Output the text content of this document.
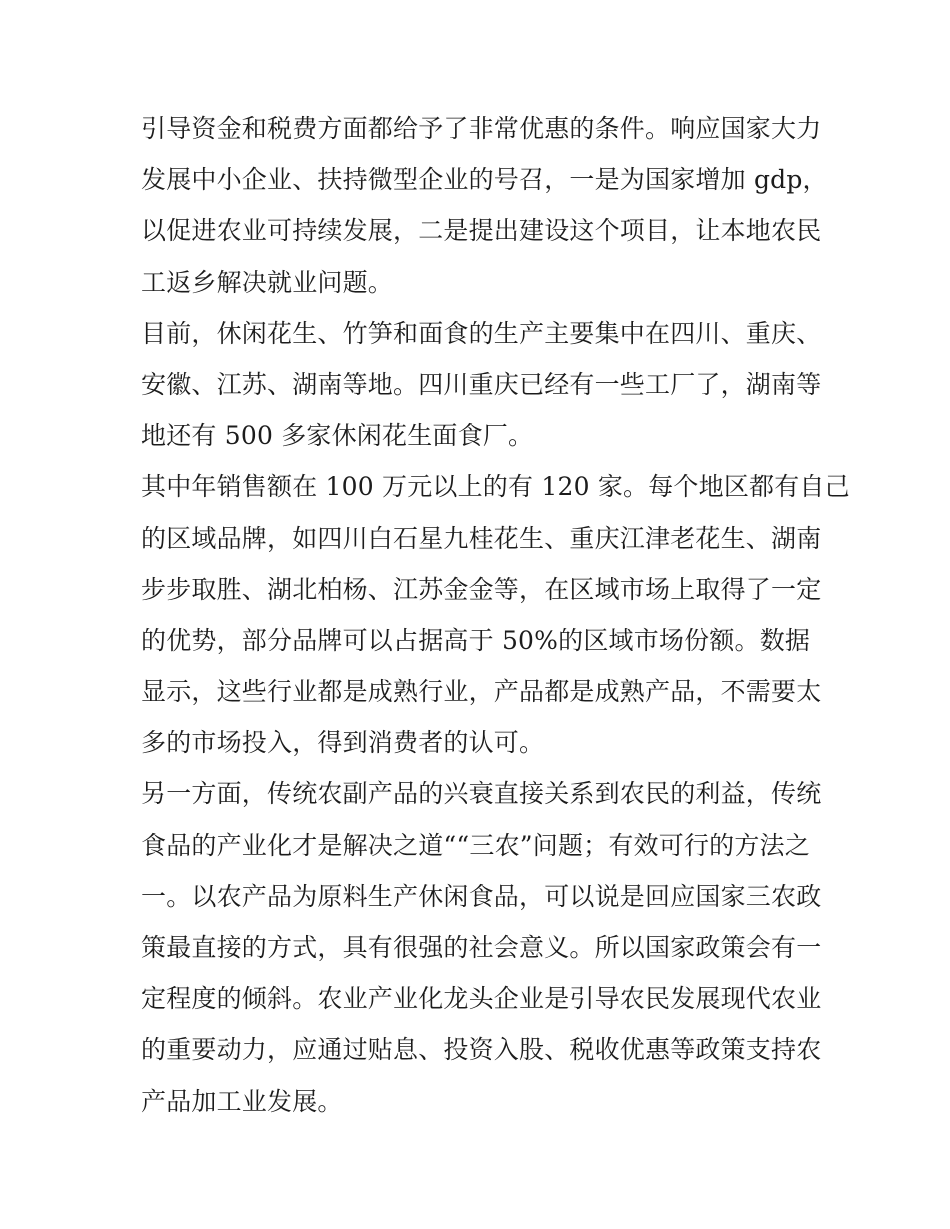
引导资金和税费方面都给予了非常优惠的条件。响应国家大力
发展中小企业、扶持微型企业的号召，一是为国家增加 gdp，
以促进农业可持续发展，二是提出建设这个项目，让本地农民
工返乡解决就业问题。
目前，休闲花生、竹笋和面食的生产主要集中在四川、重庆、
安徽、江苏、湖南等地。四川重庆已经有一些工厂了，湖南等
地还有 500 多家休闲花生面食厂。
其中年销售额在 100 万元以上的有 120 家。每个地区都有自己
的区域品牌，如四川白石星九桂花生、重庆江津老花生、湖南
步步取胜、湖北柏杨、江苏金金等，在区域市场上取得了一定
的优势，部分品牌可以占据高于 50%的区域市场份额。数据
显示，这些行业都是成熟行业，产品都是成熟产品，不需要太
多的市场投入，得到消费者的认可。
另一方面，传统农副产品的兴衰直接关系到农民的利益，传统
食品的产业化才是解决之道““三农”问题；有效可行的方法之
一。以农产品为原料生产休闲食品，可以说是回应国家三农政
策最直接的方式，具有很强的社会意义。所以国家政策会有一
定程度的倾斜。农业产业化龙头企业是引导农民发展现代农业
的重要动力，应通过贴息、投资入股、税收优惠等政策支持农
产品加工业发展。
